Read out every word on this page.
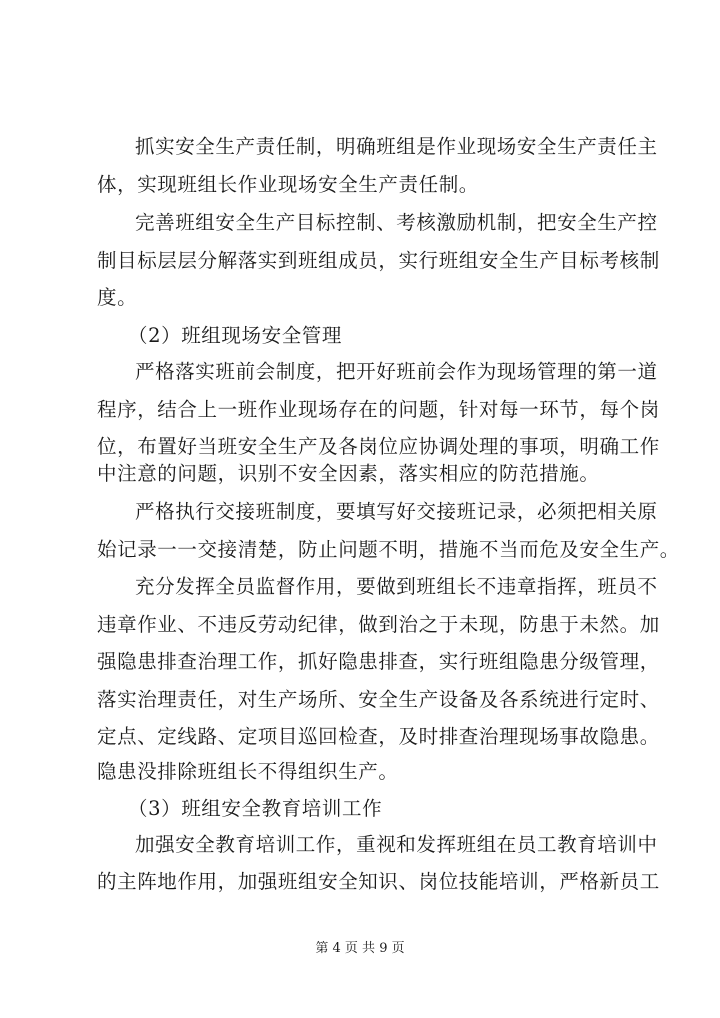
抓实安全生产责任制，明确班组是作业现场安全生产责任主
体，实现班组长作业现场安全生产责任制。
完善班组安全生产目标控制、考核激励机制，把安全生产控
制目标层层分解落实到班组成员，实行班组安全生产目标考核制
度。
（2）班组现场安全管理
严格落实班前会制度，把开好班前会作为现场管理的第一道
程序，结合上一班作业现场存在的问题，针对每一环节，每个岗
位，布置好当班安全生产及各岗位应协调处理的事项，明确工作
中注意的问题，识别不安全因素，落实相应的防范措施。
严格执行交接班制度，要填写好交接班记录，必须把相关原
始记录一一交接清楚，防止问题不明，措施不当而危及安全生产。
充分发挥全员监督作用，要做到班组长不违章指挥，班员不
违章作业、不违反劳动纪律，做到治之于未现，防患于未然。加
强隐患排查治理工作，抓好隐患排查，实行班组隐患分级管理，
落实治理责任，对生产场所、安全生产设备及各系统进行定时、
定点、定线路、定项目巡回检查，及时排查治理现场事故隐患。
隐患没排除班组长不得组织生产。
（3）班组安全教育培训工作
加强安全教育培训工作，重视和发挥班组在员工教育培训中
的主阵地作用，加强班组安全知识、岗位技能培训，严格新员工
第 4 页 共 9 页
